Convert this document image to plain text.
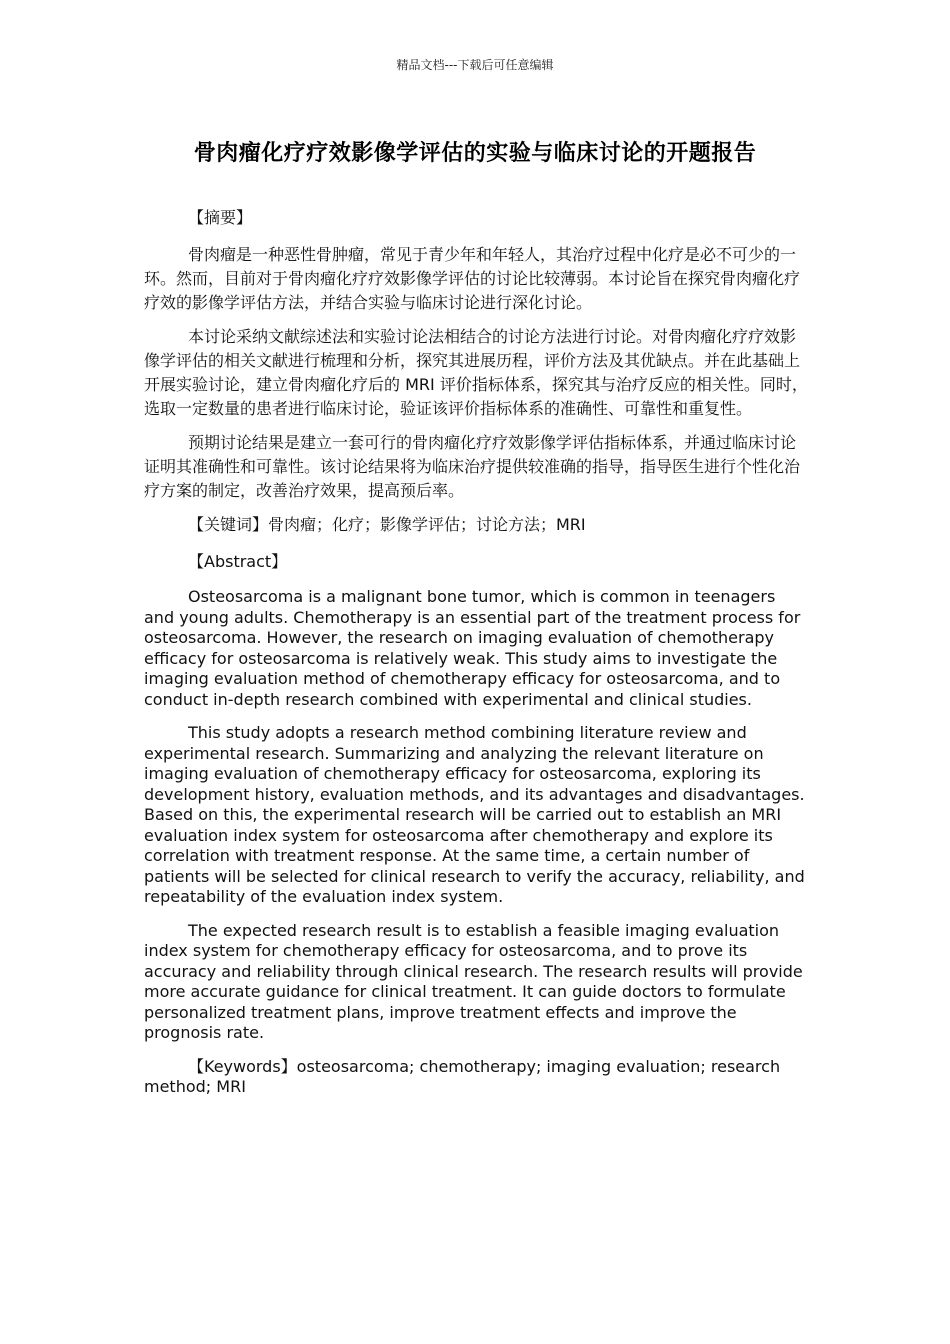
精品文档---下载后可任意编辑
骨肉瘤化疗疗效影像学评估的实验与临床讨论的开题报告

【摘要】

骨肉瘤是一种恶性骨肿瘤，常见于青少年和年轻人，其治疗过程中化疗是必不可少的一环。然而，目前对于骨肉瘤化疗疗效影像学评估的讨论比较薄弱。本讨论旨在探究骨肉瘤化疗疗效的影像学评估方法，并结合实验与临床讨论进行深化讨论。

本讨论采纳文献综述法和实验讨论法相结合的讨论方法进行讨论。对骨肉瘤化疗疗效影像学评估的相关文献进行梳理和分析，探究其进展历程，评价方法及其优缺点。并在此基础上开展实验讨论，建立骨肉瘤化疗后的 MRI 评价指标体系，探究其与治疗反应的相关性。同时，选取一定数量的患者进行临床讨论，验证该评价指标体系的准确性、可靠性和重复性。

预期讨论结果是建立一套可行的骨肉瘤化疗疗效影像学评估指标体系，并通过临床讨论证明其准确性和可靠性。该讨论结果将为临床治疗提供较准确的指导，指导医生进行个性化治疗方案的制定，改善治疗效果，提高预后率。

【关键词】骨肉瘤；化疗；影像学评估；讨论方法；MRI

【Abstract】

Osteosarcoma is a malignant bone tumor, which is common in teenagers and young adults. Chemotherapy is an essential part of the treatment process for osteosarcoma. However, the research on imaging evaluation of chemotherapy efficacy for osteosarcoma is relatively weak. This study aims to investigate the imaging evaluation method of chemotherapy efficacy for osteosarcoma, and to conduct in-depth research combined with experimental and clinical studies.

This study adopts a research method combining literature review and experimental research. Summarizing and analyzing the relevant literature on imaging evaluation of chemotherapy efficacy for osteosarcoma, exploring its development history, evaluation methods, and its advantages and disadvantages. Based on this, the experimental research will be carried out to establish an MRI evaluation index system for osteosarcoma after chemotherapy and explore its correlation with treatment response. At the same time, a certain number of patients will be selected for clinical research to verify the accuracy, reliability, and repeatability of the evaluation index system.

The expected research result is to establish a feasible imaging evaluation index system for chemotherapy efficacy for osteosarcoma, and to prove its accuracy and reliability through clinical research. The research results will provide more accurate guidance for clinical treatment. It can guide doctors to formulate personalized treatment plans, improve treatment effects and improve the prognosis rate.

【Keywords】osteosarcoma; chemotherapy; imaging evaluation; research method; MRI
